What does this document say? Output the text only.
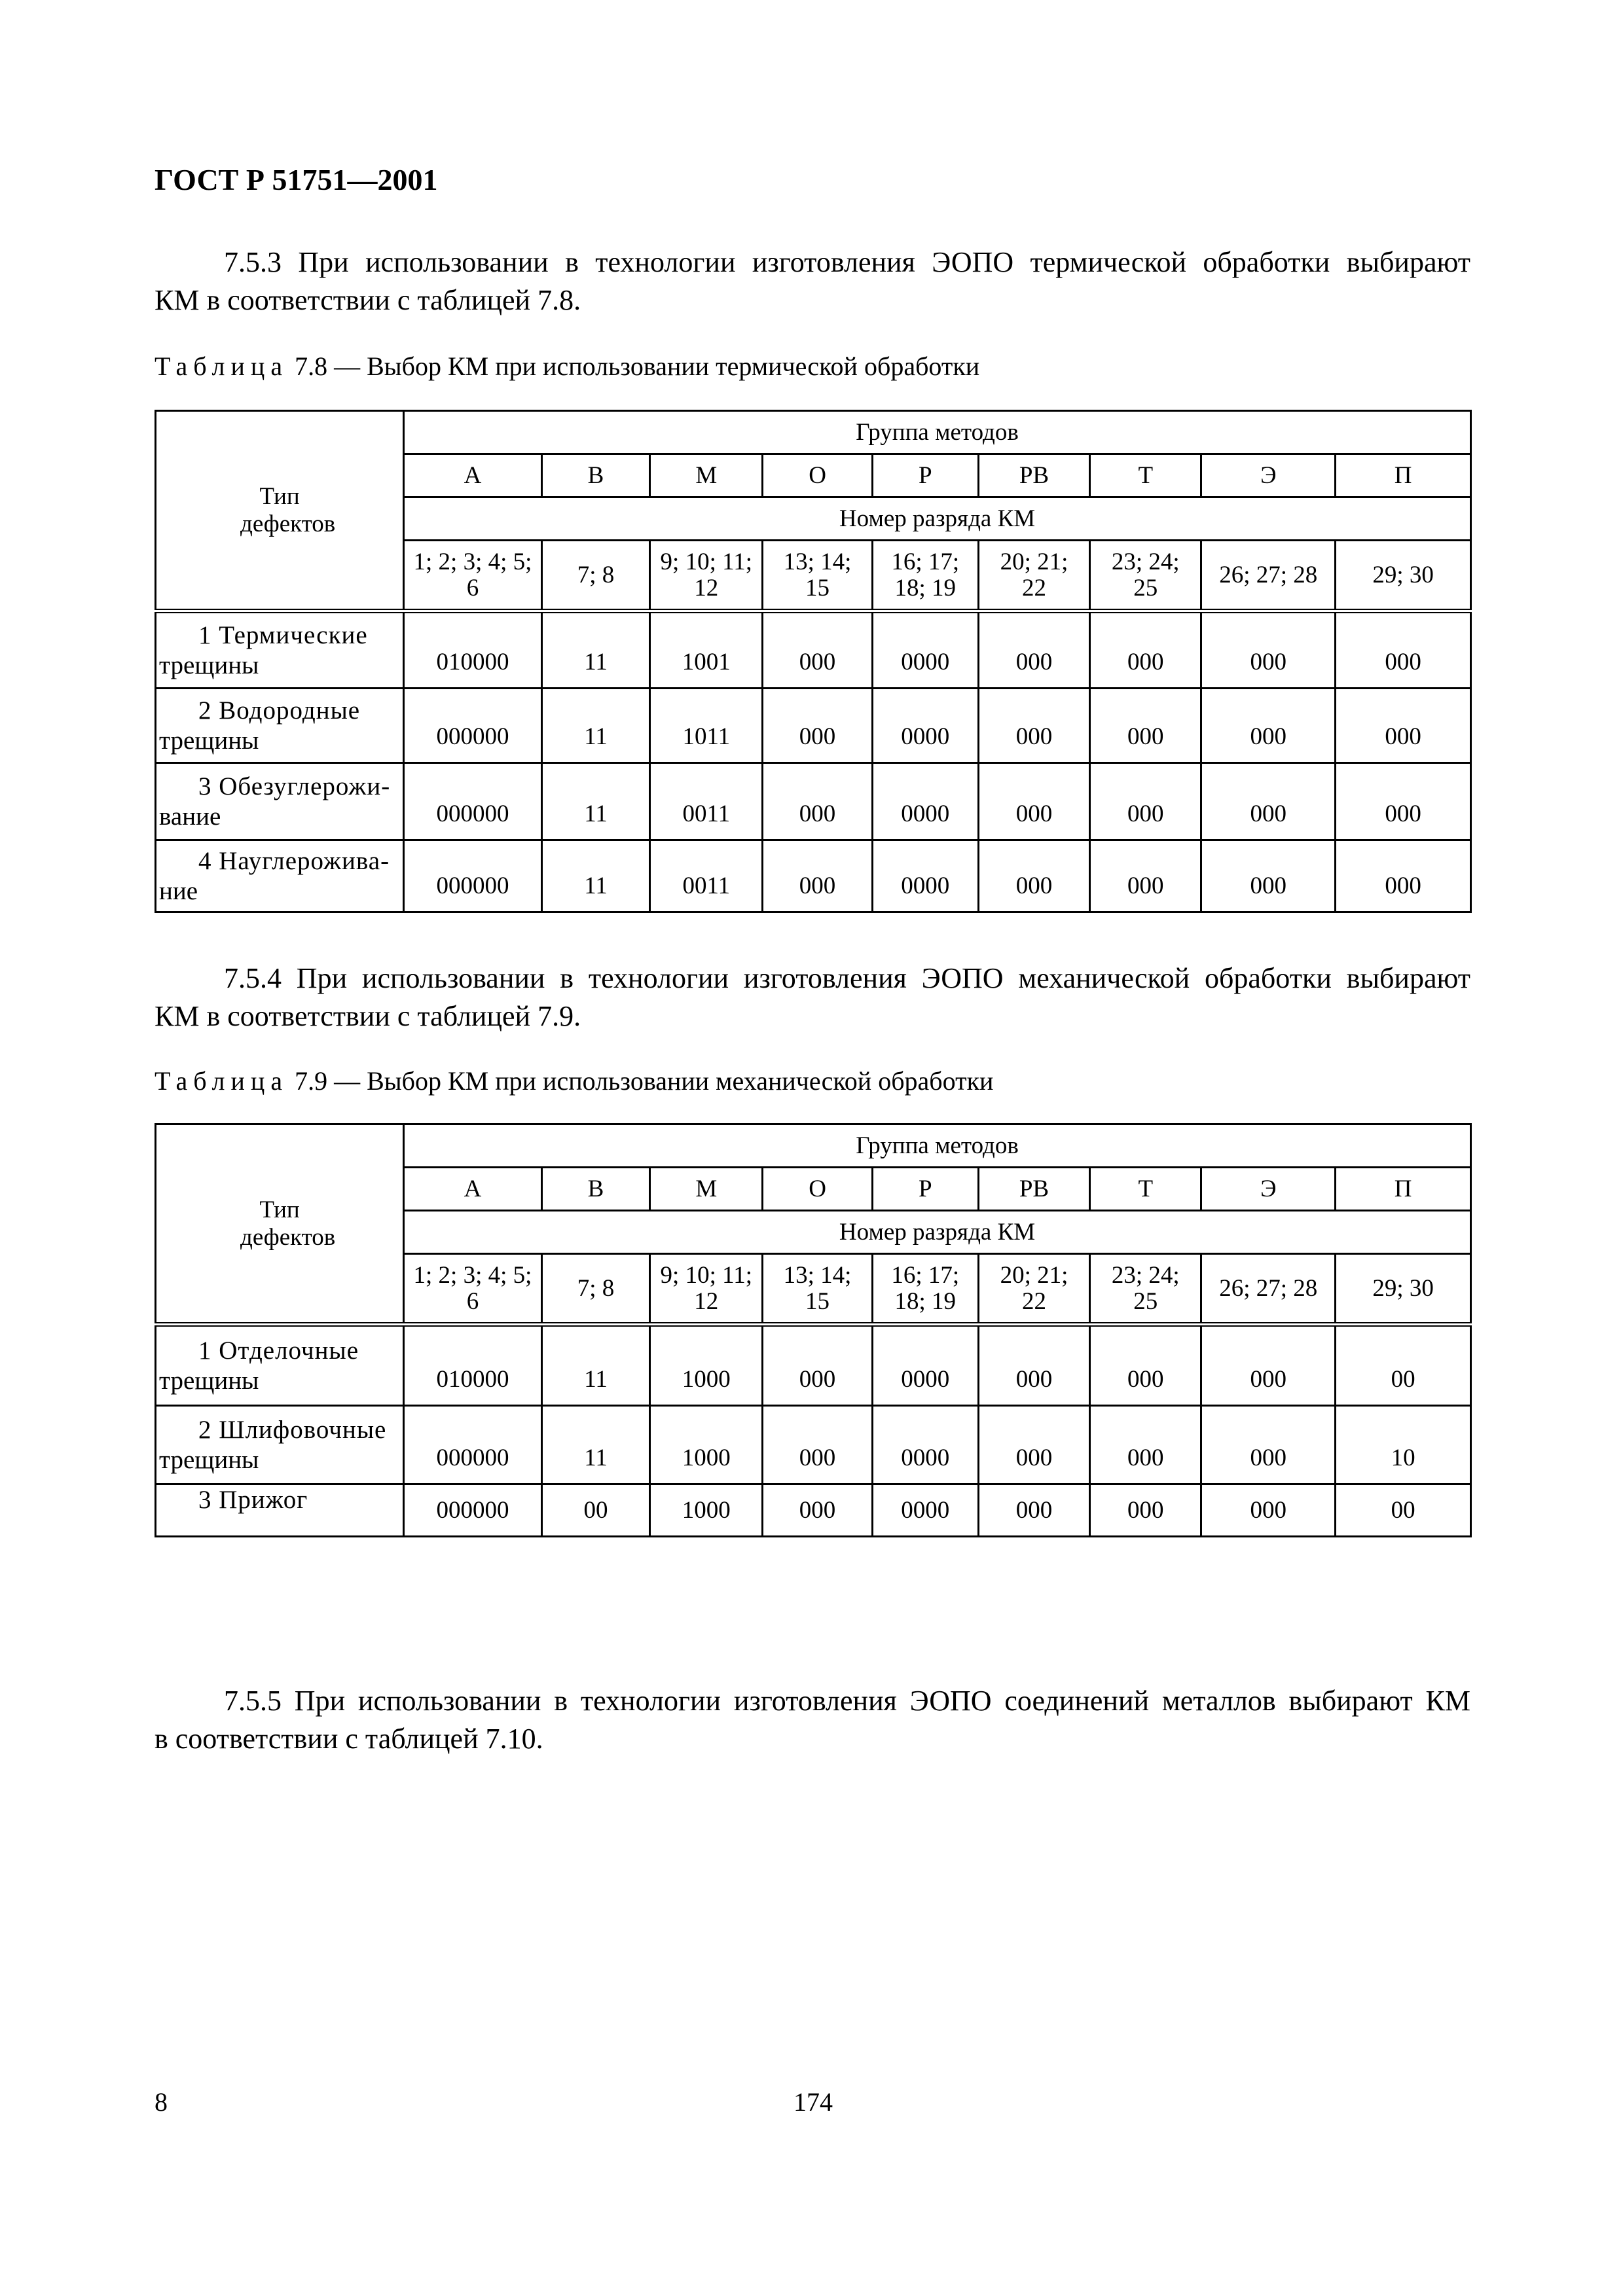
ГОСТ Р 51751—2001
7.5.3 При использовании в технологии изготовления ЭОПО термической обработки выбирают
КМ в соответствии с таблицей 7.8.
Таблица 7.8 — Выбор КМ при использовании термической обработки
Тип дефектов	Группа методов								
	А	В	М	О	Р	РВ	Т	Э	П
	Номер разряда КМ								
	1; 2; 3; 4; 5; 6	7; 8	9; 10; 11; 12	13; 14; 15	16; 17; 18; 19	20; 21; 22	23; 24; 25	26; 27; 28	29; 30

1 Термические
трещины	010000	11	1001	000	0000	000	000	000	000

2 Водородные
трещины	000000	11	1011	000	0000	000	000	000	000

3 Обезуглерожи-
вание	000000	11	0011	000	0000	000	000	000	000

4 Науглерожива-
ние	000000	11	0011	000	0000	000	000	000	000
7.5.4 При использовании в технологии изготовления ЭОПО механической обработки выбирают
КМ в соответствии с таблицей 7.9.
Таблица 7.9 — Выбор КМ при использовании механической обработки
Тип дефектов	Группа методов								
	А	В	М	О	Р	РВ	Т	Э	П
	Номер разряда КМ								
	1; 2; 3; 4; 5; 6	7; 8	9; 10; 11; 12	13; 14; 15	16; 17; 18; 19	20; 21; 22	23; 24; 25	26; 27; 28	29; 30

1 Отделочные
трещины	010000	11	1000	000	0000	000	000	000	00

2 Шлифовочные
трещины	000000	11	1000	000	0000	000	000	000	10

3 Прижог	000000	00	1000	000	0000	000	000	000	00
7.5.5 При использовании в технологии изготовления ЭОПО соединений металлов выбирают КМ
в соответствии с таблицей 7.10.
8	174
